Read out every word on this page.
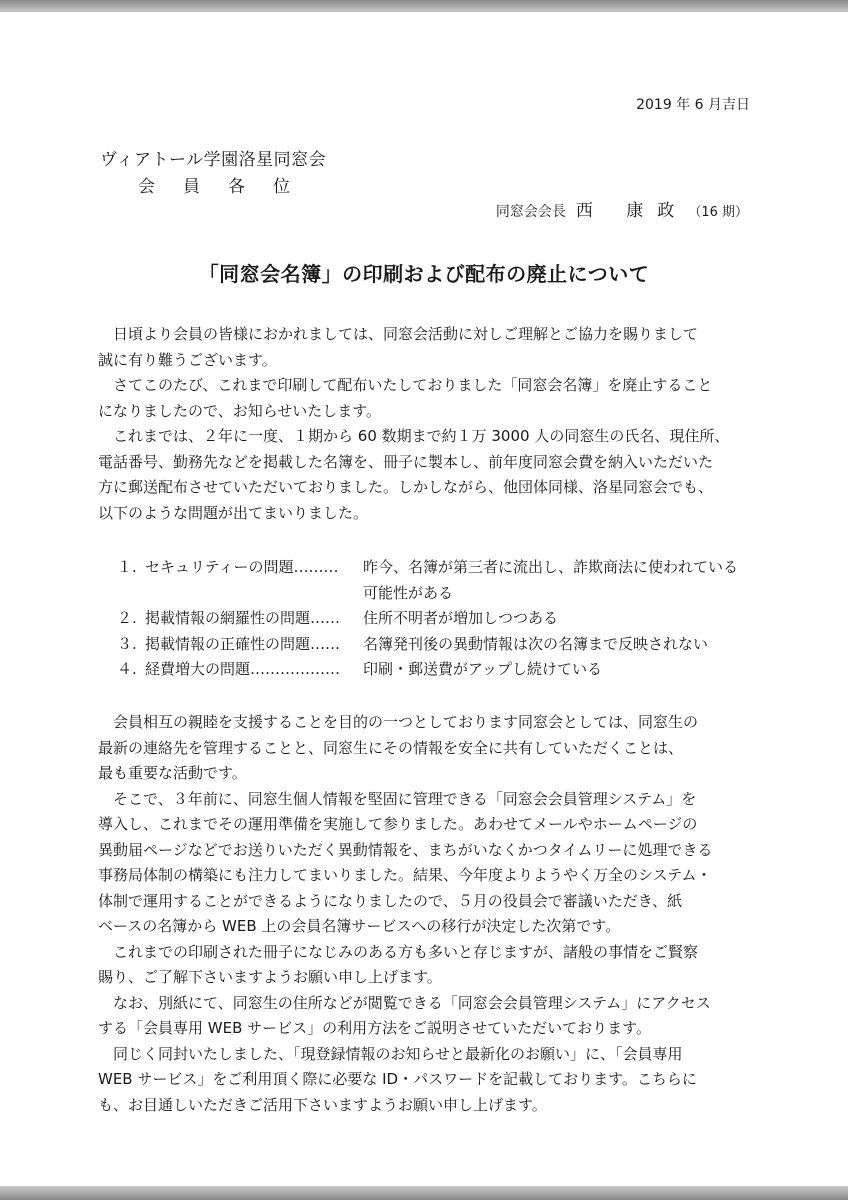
2019 年 6 月吉日
ヴィアトール学園洛星同窓会
会員各位
同窓会会長 西 康政（16 期）
「同窓会名簿」の印刷および配布の廃止について

　日頃より会員の皆様におかれましては、同窓会活動に対しご理解とご協力を賜りまして

誠に有り難うございます。

　さてこのたび、これまで印刷して配布いたしておりました「同窓会名簿」を廃止すること

になりましたので、お知らせいたします。

　これまでは、２年に一度、１期から 60 数期まで約１万 3000 人の同窓生の氏名、現住所、

電話番号、勤務先などを掲載した名簿を、冊子に製本し、前年度同窓会費を納入いただいた

方に郵送配布させていただいておりました。しかしながら、他団体同様、洛星同窓会でも、

以下のような問題が出てまいりました。

１. セキュリティーの問題………	昨今、名簿が第三者に流出し、詐欺商法に使われている
可能性がある
２. 掲載情報の網羅性の問題……	住所不明者が増加しつつある
３. 掲載情報の正確性の問題……	名簿発刊後の異動情報は次の名簿まで反映されない
４. 経費増大の問題………………	印刷・郵送費がアップし続けている

　会員相互の親睦を支援することを目的の一つとしております同窓会としては、同窓生の

最新の連絡先を管理することと、同窓生にその情報を安全に共有していただくことは、

最も重要な活動です。

　そこで、３年前に、同窓生個人情報を堅固に管理できる「同窓会会員管理システム」を

導入し、これまでその運用準備を実施して参りました。あわせてメールやホームページの

異動届ページなどでお送りいただく異動情報を、まちがいなくかつタイムリーに処理できる

事務局体制の構築にも注力してまいりました。結果、今年度よりようやく万全のシステム・

体制で運用することができるようになりましたので、５月の役員会で審議いただき、紙

ベースの名簿から WEB 上の会員名簿サービスへの移行が決定した次第です。

　これまでの印刷された冊子になじみのある方も多いと存じますが、諸般の事情をご賢察

賜り、ご了解下さいますようお願い申し上げます。

　なお、別紙にて、同窓生の住所などが閲覧できる「同窓会会員管理システム」にアクセス

する「会員専用 WEB サービス」の利用方法をご説明させていただいております。

　同じく同封いたしました、「現登録情報のお知らせと最新化のお願い」に、「会員専用

WEB サービス」をご利用頂く際に必要な ID・パスワードを記載しております。こちらに

も、お目通しいただきご活用下さいますようお願い申し上げます。
